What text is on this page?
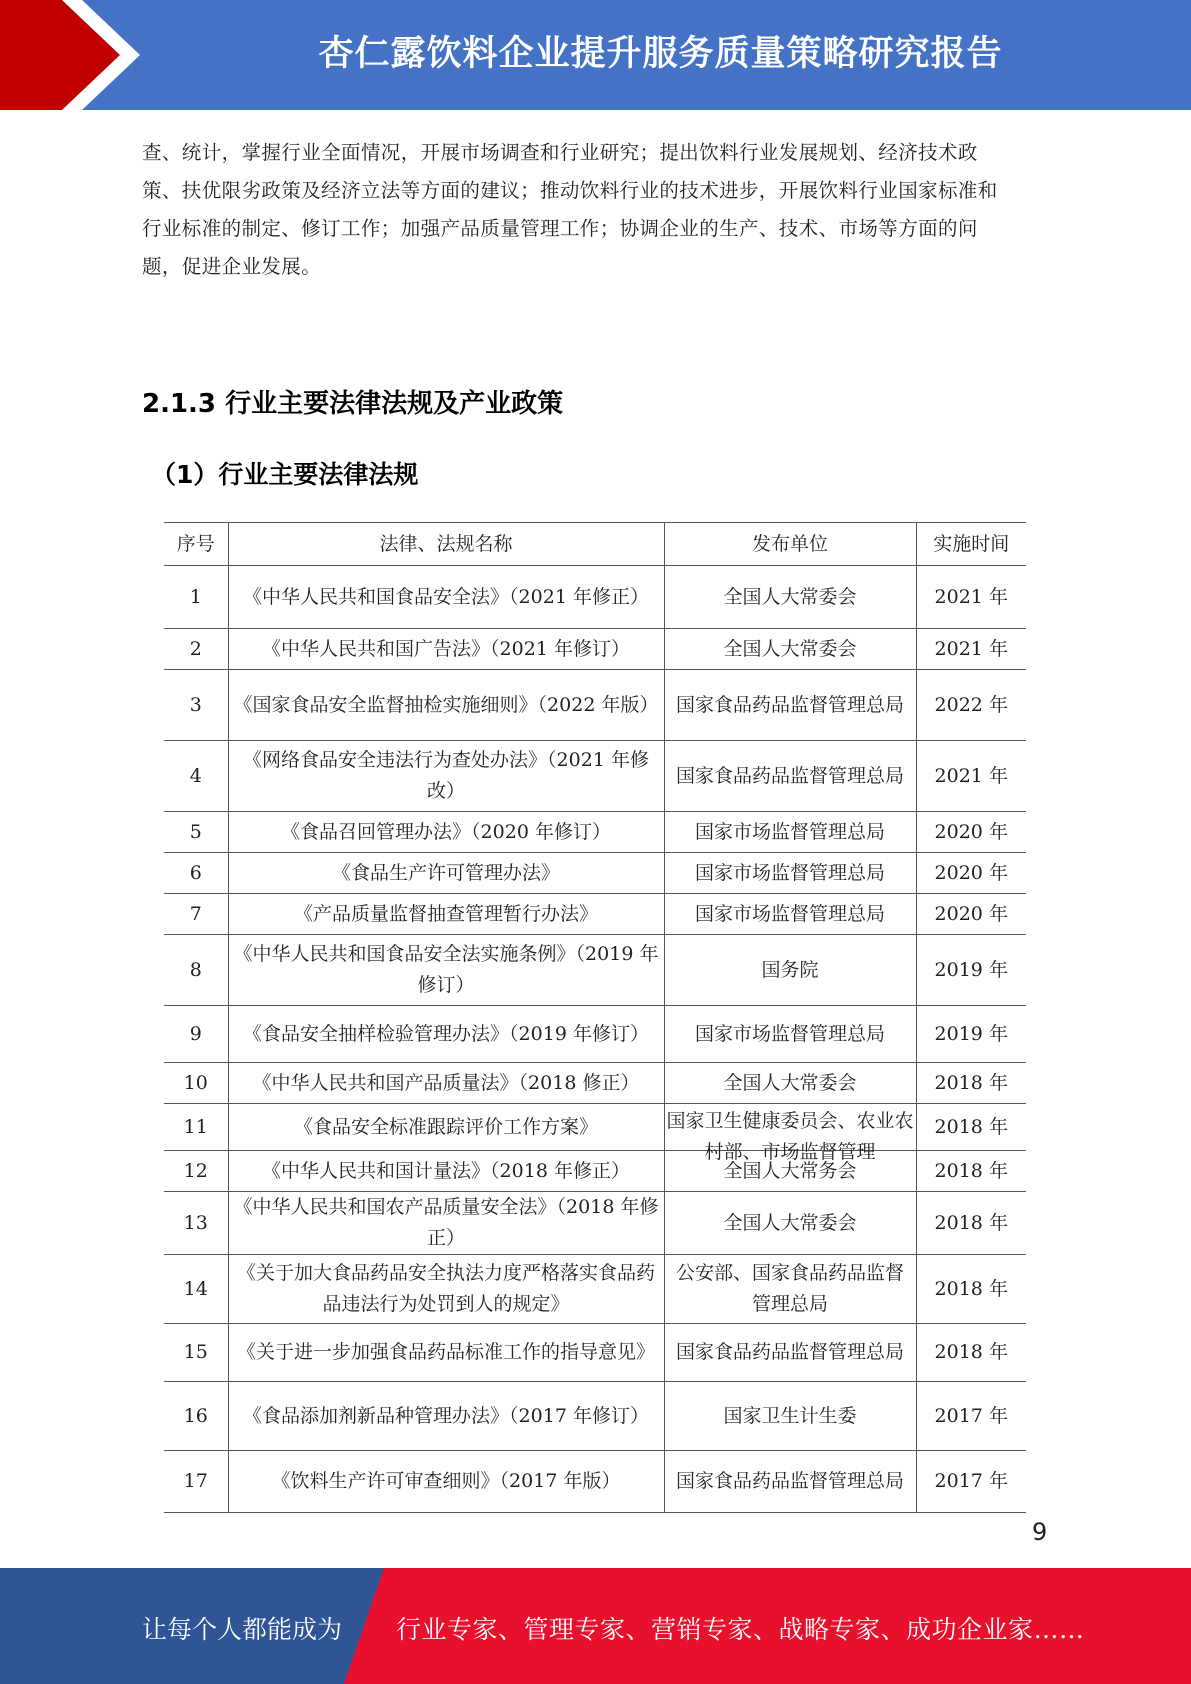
杏仁露饮料企业提升服务质量策略研究报告
查、统计，掌握行业全面情况，开展市场调查和行业研究；提出饮料行业发展规划、经济技术政
策、扶优限劣政策及经济立法等方面的建议；推动饮料行业的技术进步，开展饮料行业国家标准和
行业标准的制定、修订工作；加强产品质量管理工作；协调企业的生产、技术、市场等方面的问
题，促进企业发展。
2.1.3 行业主要法律法规及产业政策
（1）行业主要法律法规
序号	法律、法规名称	发布单位	实施时间
1	《中华人民共和国食品安全法》（2021 年修正）	全国人大常委会	2021 年
2	《中华人民共和国广告法》（2021 年修订）	全国人大常委会	2021 年
3	《国家食品安全监督抽检实施细则》（2022 年版）	国家食品药品监督管理总局	2022 年
4	《网络食品安全违法行为查处办法》（2021 年修改）	国家食品药品监督管理总局	2021 年
5	《食品召回管理办法》（2020 年修订）	国家市场监督管理总局	2020 年
6	《食品生产许可管理办法》	国家市场监督管理总局	2020 年
7	《产品质量监督抽查管理暂行办法》	国家市场监督管理总局	2020 年
8	《中华人民共和国食品安全法实施条例》（2019 年修订）	国务院	2019 年
9	《食品安全抽样检验管理办法》（2019 年修订）	国家市场监督管理总局	2019 年
10	《中华人民共和国产品质量法》（2018 修正）	全国人大常委会	2018 年
11	《食品安全标准跟踪评价工作方案》	国家卫生健康委员会、农业农村部、市场监督管理	2018 年
12	《中华人民共和国计量法》（2018 年修正）	全国人大常务会	2018 年
13	《中华人民共和国农产品质量安全法》（2018 年修正）	全国人大常委会	2018 年
14	《关于加大食品药品安全执法力度严格落实食品药品违法行为处罚到人的规定》	公安部、国家食品药品监督管理总局	2018 年
15	《关于进一步加强食品药品标准工作的指导意见》	国家食品药品监督管理总局	2018 年
16	《食品添加剂新品种管理办法》（2017 年修订）	国家卫生计生委	2017 年
17	《饮料生产许可审查细则》（2017 年版）	国家食品药品监督管理总局	2017 年
9
让每个人都能成为 行业专家、管理专家、营销专家、战略专家、成功企业家……
